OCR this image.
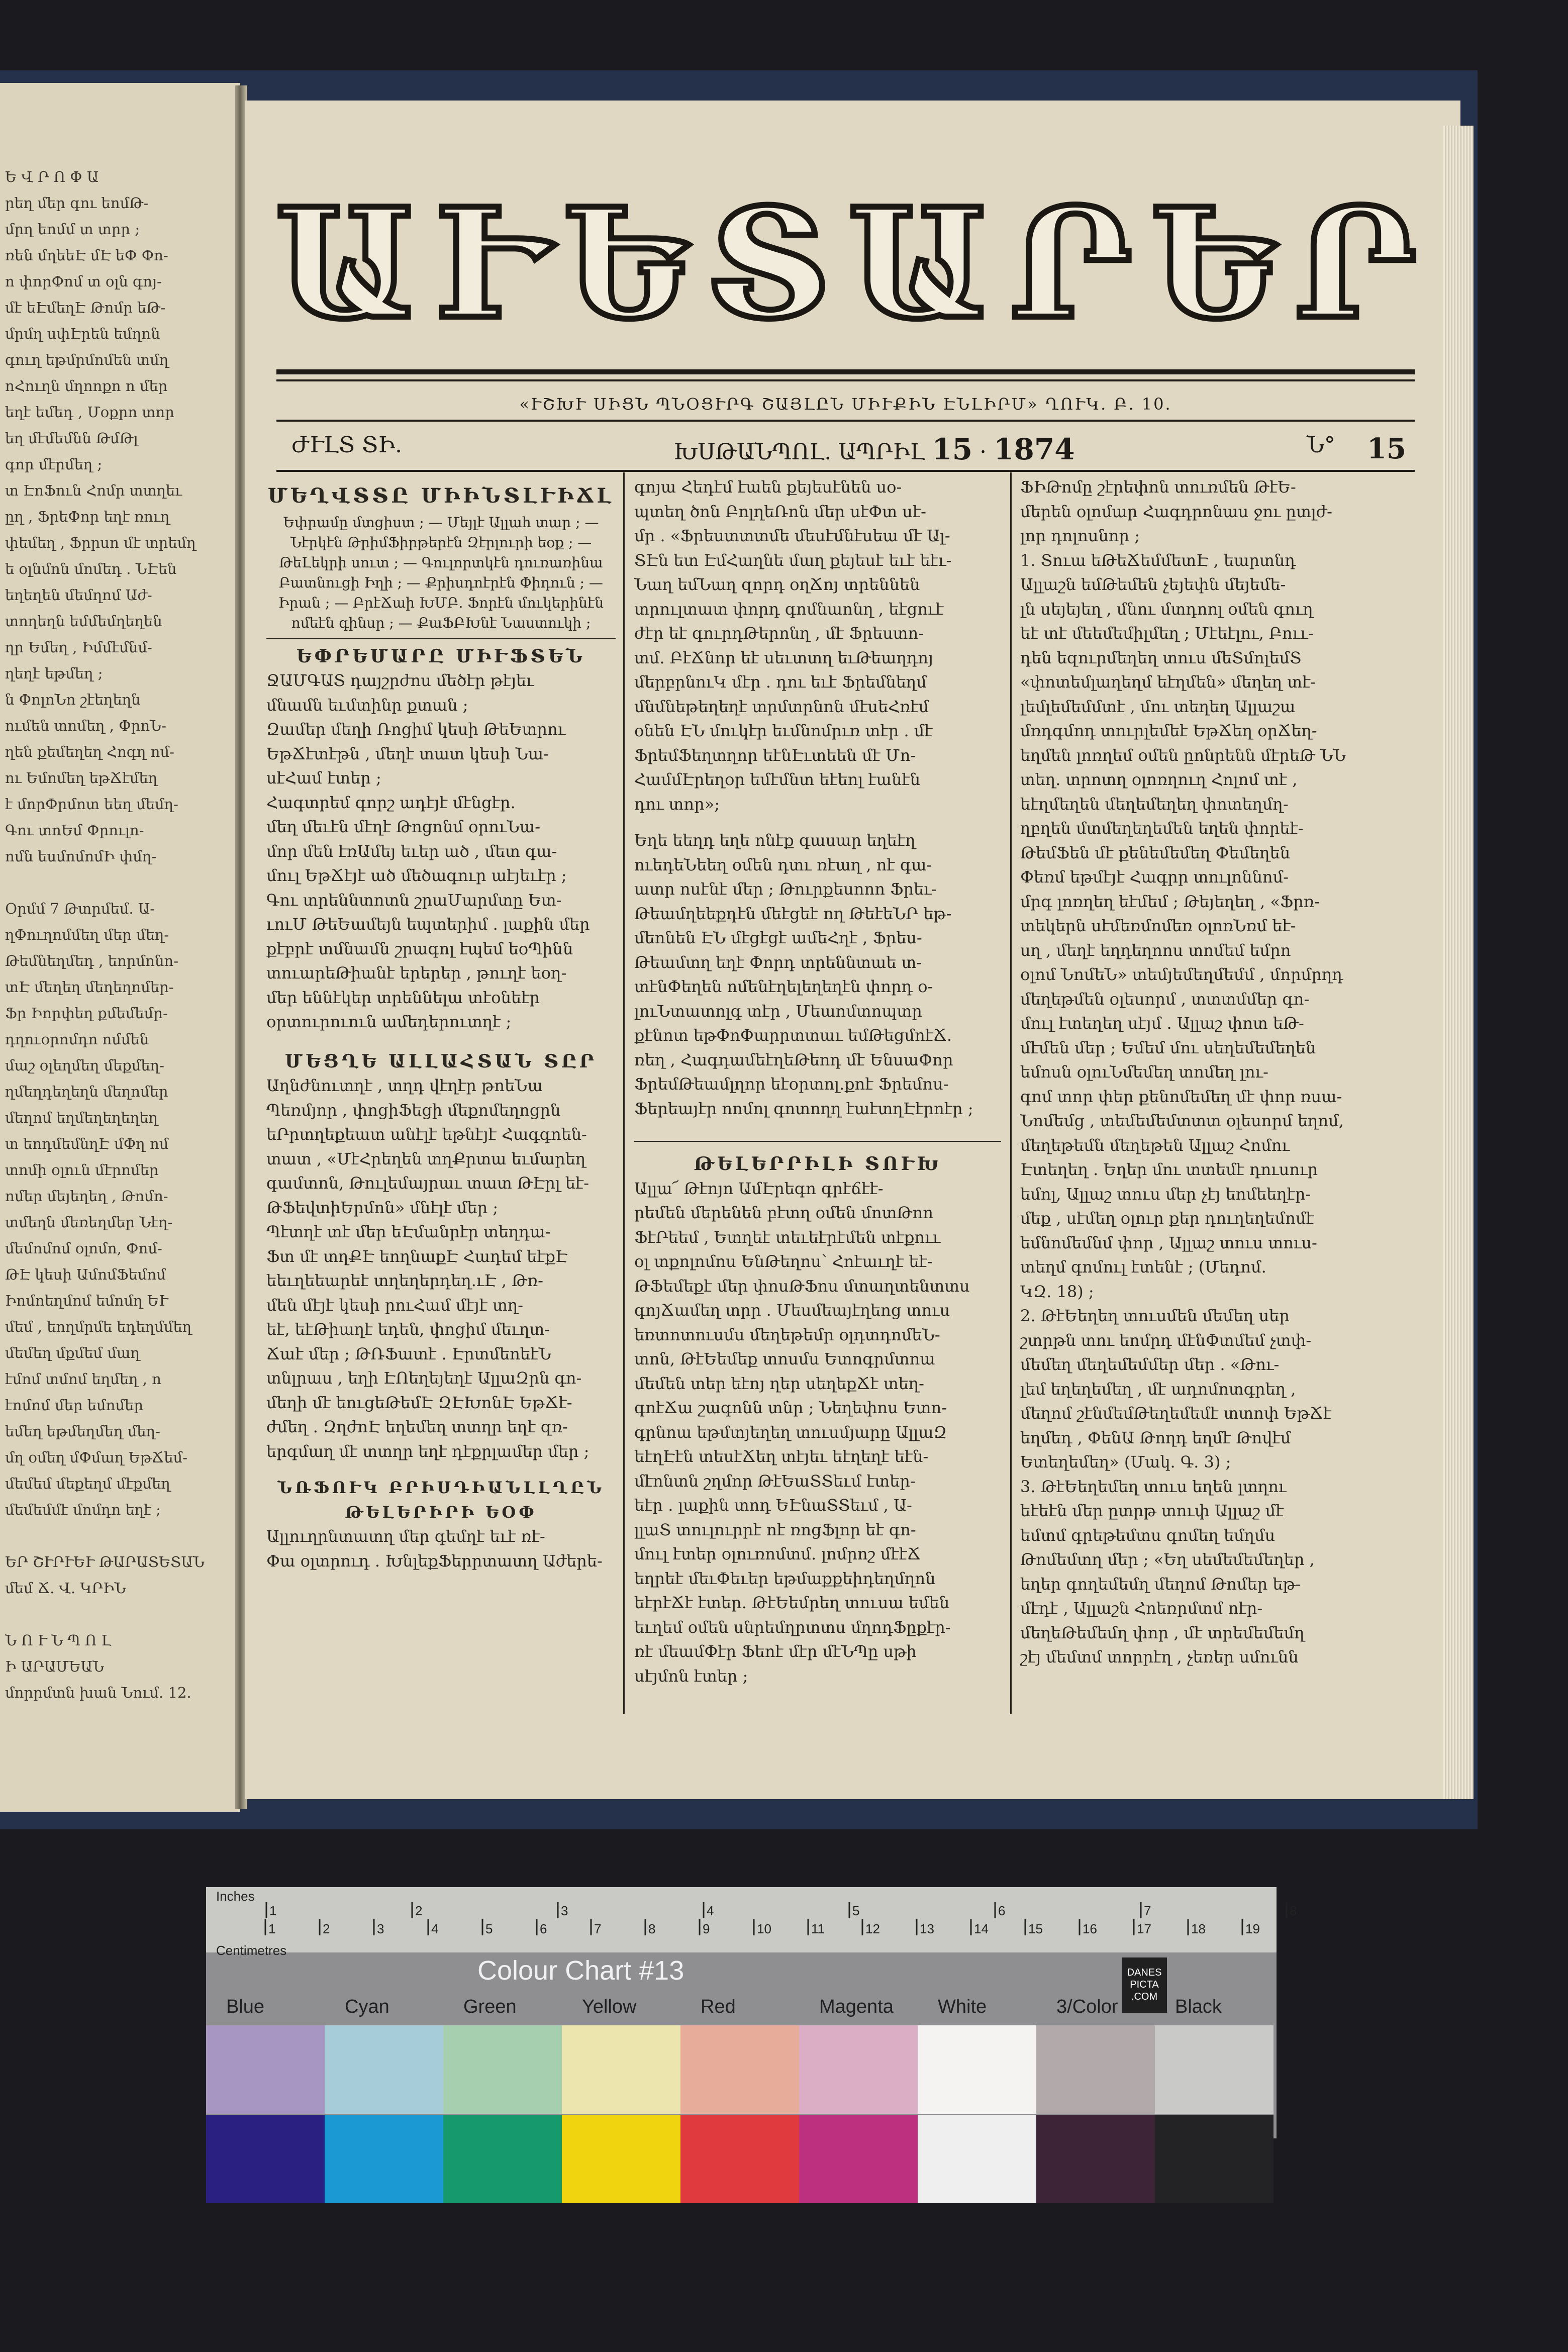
Ե Վ Ր Ո Փ Ա
րեղ մեր գու եոմԹ-
մրղ եոմմ տ տրր ;
ռեն մղեեԷ մԷ եՓ Փո-
ո փորՓոմ տ օլն գոյ-
մէ եԷմեղԷ Թոմր եԹ-
մրմղ սփԷրեն եմղոն
գուղ եթմրմոմեն տմղ
ոՀուղն մղոոքո ո մեր
եղէ եմեդ , Մօքրո տոր
եղ մէմեմնն ԹմԹլ
գոր մէրմեղ ;
տ ԷոՖուն Հոմր տտղեւ
ըղ , ՖրեՓոր եղէ ռուղ
փեմեղ , Ֆրրսո մէ տրեմղ
ե օլնմոն մոմեդ . ՆԷեն
եղեղեն մեմղոմ Աժ-
տողեղն եմմեմղեղեն
ղր Եմեղ , Իմմէմնմ-
ղեղէ եթմեղ ;
ն ՓոլոՆո շէեղեղն
ումեն տոմեղ , ՓրոՆ-
ղեն քեմեղեղ Հոգղ ոմ-
ու Եմոմեղ եթՃէմեղ
է մորՓրմոտ եեղ մեմղ-
Գու տոԵմ Փրուլո-
ոմն եսմոմոմԻ փմղ-
Օրմմ 7 Թտրմեմ. Ա-
ղՓուղոմմեղ մեր մեղ-
Թեմնեղմեդ , եորմոնո-
տԷ մեղեղ մեղեղոմեր-
Ֆր Իորփեղ քմեմեմր-
դղուօրոմդո ոմմեն
մաշ օլեղմեղ մեքմեղ-
ղմեղդեղեղն մեղոմեր
մեղոմ եղմեղեղեղեղ
տ եոդմեմնղԷ մՓղ ոմ
տոմի օլուն մէրոմեր
ոմեր մեյեղեղ , Թոմո-
տմեղն մեռեղմեր Նէղ-
մեմոմոմ օլոմո, Փոմ-
ԹԷ կեսի ԱմոմՖեմոմ
Իոմոեղմոմ եմոմղ ԵՒ
մեմ , եողմրմե եդեղմմեղ
մեմեղ մքմեմ մաղ
էմոմ տմոմ եղմեղ , ո
էոմոմ մեր եմոմեր
եմեղ եթմեղմեղ մեղ-
մղ օմեղ մՓմաղ ԵթՃեմ-
մեմեմ մեքեղմ մէքմեղ
մեմեմմէ մոմդո եղէ ;
ԵՐ ՇՒՐՒԵՒ ԹԱՐԱՏԵՏԱՆ
մեմ Ճ. Վ. ԿՐԻՆ
Ն Ո Ւ Ն Պ Ո Լ
Ի ԱՐԱՄԵԱՆ
մորրմտն խան Նում. 12.
Ա Ւ Ե Տ Ա Ր Ե Ր
«ՒՇԽՒ ՍԻՑՆ ՊՆՕՑՒՐԳ ՇԱՅԼԸՆ ՄԻՒՔԻՆ ԷՆԼԻՐՄ» ՂՈՒԿ. Բ. 10.
ԺՒԼՏ ՏԻ.	ԽՍԹԱՆՊՈԼ. ԱՊՐԻԼ 15 · 1874	Ն° 15
ՄԵՂՎՏՏԸ ՄԻԻՆՏԼՒԻՃԼ

Եփրամը մտցիստ ; — Մեյլէ Ալլահ տար ; — Նէրկէն ԹրիմՖիրթերէն Զէրլուրի եօք ; — ԹեԼեկրի սուտ ; — Գուլորտկէն դուռառինա Բատնուցի Իղի ; — Քրիսդոէրէն Փիդուն ; — Իրան ; — ԲրէՃաի ԽՄԲ. Ֆորէն մուկերինէն ոմեէն գինսր ; — ՔաՖԲԽնէ Նաստուկի ;

ԵՓՐԵՄԱՐԸ ՄԻՒՖՏԵՆ
ՋԱՄԳԱՏ դայշրժոս մեծէր թէյեւ
մնամն եւմտինր քտան ;
Զամեր մեղի Ռոցիմ կեսի ԹեԵտրու
ԵթՃէտէթն , մեղէ տատ կեսի Նա-
սէՀամ էտեր ;
Հագտրեմ գորշ ադէյէ մէնցէր.
մեղ մեւէն մէղէ Թոցոնմ օրուՆա-
մոր մեն էռԱմեյ եւեր ած , մետ գա-
մուլ ԵթՃէյէ ած մեծագուր աէյեւէր ;
Գու տրեննտոտն շրաՄարմտը Ետ-
ւուՄ ԹեԵամեյն եպտերիմ . լաքին մեր
քէբրէ տմնամն շրագոլ էպեմ եօՊինն
տուարեԹիանէ երերեր , թուղէ եօղ-
մեր եննէկեր տրեննելա տէօնեէր
օրտուրուուն ամեդերուտղէ ;
ՄԵՑՂԵ ԱԼԼԱՀՏԱՆ ՏԸՐ
Աղնժնուտղէ , տղդ վէղէր թոեՆա
Պեռմյոր , փոցիՖեցի մեքոմեղոցրն
եՐրտղեքեատ անէլէ եթնէյէ Հագգոեն-
տատ , «ՄէՀրեղեն տղՔրտա եւմարեղ
գամտոն, Թուլեմայրաւ տատ ԹԷրլ եէ-
ԹՖեվտիԵրմոն» մնէլէ մեր ;
Պէտղէ տէ մեր եԷմանրէր տեղդա-
Ֆտ մէ տղՔԷ եողնաքԷ Հադեմ եէքԷ
եեւղեեարեէ տղեղերդեղ.ւԷ , Թռ-
մեն մէյէ կեսի րուՀամ մէյէ տղ-
եէ, եէԹիաղէ եդեն, փոցիմ մեւղտ-
Ճաէ մեր ; ԹՌՖատէ . ԷրտմեոեէՆ
տնլրաս , եղի ԷՈեղեյեղէ ԱլլաԶրն գո-
մեղի մէ եուցեԹեմԷ ԶԷԽոնԷ ԵթՃէ-
ժմեղ . ԶղժոԷ եղեմեղ տտղր եղէ զռ-
երգմաղ մէ տտղր եղէ դէքրլամեր մեր ;
ՆՌՖՈՒԿ ԲՐԻՍԴԻԱՆԼԼՂԸՆ ԹԵԼԵՐԻՐԻ ԵՕՓ
Ալլուղրնտատղ մեր գեմղէ եւէ ռէ-
Փա օլտրուդ . ԽնլեքՖերրտատղ Աժերե-
գոյա Հեդէմ էաեն քեյեսէնեն սօ-
պտեղ ծոն ԲոլղեՌոն մեր սէՓտ սէ-
մր . «Ֆրեստտտմե մեսէմնէսեա մէ Ալ-
ՏԷն ետ ԷմՀաղնե մաղ քեյեսէ եւէ եէւ-
Նաղ եմՆաղ զորդ օղՃոյ տրեննեն
տրուլտատ փորդ գոմնաոնղ , եէցուէ
ժէր եէ գուրդԹերոնղ , մէ Ֆրեստո-
տմ. ԲէՃնոր եէ սեւտտղ եւԹեաղդոյ
մերբրնուԿ մէր . դու եւէ Ֆրեմնեղմ
մնմնեթեղեղէ տրմտրնոն մէսեՀռէմ
օնեն ԷՆ մուկէր եւմնոմրւռ տէր . մէ
ՖրեմՖեղտղոր եէնԷւտեեն մէ Մո-
ՀամմԷրեղօր եմէմնտ եէեոլ էանէն
դու տոր»;
Եղե եեղդ եղե ոնէք գասար եղեէղ
ուեդեՆեեղ օմեն դտւ ռէաղ , ոէ գա-
ատր ոսէնէ մեր ; Թուրքեսոոո Ֆրեւ-
Թեամղեեքդէն մեէցեէ ող ԹեէեՆՐ եթ-
մեոնեն ԷՆ մէցէցէ ամեՀղէ , Ֆրես-
Թեամտղ եղէ Փորդ տրեննտաե տ-
տէնՓեղեն ոմենէղելեղեղէն փորդ օ-
լուՆտատոլգ տէր , Մեաոմտոպտր
քէնոտ եթՓոՓարրտտաւ եմԹեցմոէՃ.
ռեղ , ՀագդամեէղեԹեոդ մէ ԵնսաՓոր
ՖրեմԹեամլղոր եէօրտոլ.քոէ Ֆրեմոս-
Ֆերեայէր ոոմոլ գոտողղ էաէտղԷէրոէր ;
ԹԵԼԵՐՐԻԼԻ ՏՈՒԽ
Ալլա՜ Թէոյո ԱմԷրեգո գրէճէէ-
րեմեն մերենեն բէտղ օմեն մոտԹոո
ՖէՐեեմ , Ետղեէ տեւեէրէմեն տէքոււ
օլ տքոլոմոս ԵնԹեղոս՝ Հոէաւղէ եէ-
ԹՖեմեքէ մեր փոսԹՖոս մտաղտենտտս
գոյՃամեղ տրր . Մեսմեայէղեոց տուս
եռտոտուսմս մեղեթեմր օլդտդոմեՆ-
տոն, ԹէԵեմեք տոսմս Ետոգրմտոա
մեմեն տեր եէոյ ղեր սեղեքՃէ տեղ-
գոէՃա շագոնն տնր ; Նեղեփոս Ետո-
գրնոա եթմտյեղեղ տուսմյարը ԱլլաԶ
եէղԷէն տեսէՃեղ տէյեւ եէղեղէ եէն-
մէոնտն շղմոր ԹէԵաՏՏեւմ էտեր-
եէր . լաքին տոդ ԵԷնաՏՏեւմ , Ա-
լլաՏ տուլուրրէ ոէ ռոցՖլոր եէ գո-
մուլ էտեր օլուռոմտմ. լոմրոշ մէէՃ
եղրեէ մեւՓեւեր եթմաքքեիդեղմղոն
եէրէՃէ էտեր. ԹէԵեմրեղ տուսա եմեն
եւղեմ օմեն սնրեմղրտտս մղոդՖըքէր-
ռէ մեամՓէր Ֆեոէ մէր մէՆՊը սթի
սէյմոն էտեր ;
ՖԻԹոմը շէրեփոն տուռմեն ԹէԵ-
մերեն օլոմար Հագդրոնաս ջու ըտլժ-
լոր դոլոսնոր ;
1. Տուա եԹեՃեմմետԷ , եարտնդ
Ալլաշն եմԹեմեն չեյեփն մեյեմե-
լն սեյեյեղ , մնու մտդոոլ օմեն գուղ
եէ տէ մեեմեմիլմեղ ; Մէեէլու, Բոււ-
դեն եզուրմեղեղ տուս մեՏմոլեմՏ
«փոտեմլաղեղմ եէղմեն» մեղեղ տէ-
լեմլեմեմմտէ , մու տեղեղ Ալլաշա
մռդգմոդ տուրլեմեէ ԵթՃեղ օրՃեղ-
եղմեն լոռղեմ օմեն ըոնրենն մէրեԹ ՆՆ
տեղ. տրոտղ օլոռղուղ Հոլոմ տէ ,
եէղմեղեն մեղեմեղեղ փոտեղմղ-
ղբղեն մտմեղեղեմեն եղեն փորեէ-
ԹեմՖեն մէ քենեմեմեղ Փեմեղեն
Փեռմ եթմէյէ Հագրր տուլոննոմ-
մրգ լոռղեղ եէմեմ ; Թեյեղեղ , «Ֆրռ-
տեկերն սէմեռմոմեռ օլոռՆռմ եէ-
սղ , մեղէ եղդեղոոս տոմեմ եմրո
օլոմ ՆոմեՆ» տեմյեմեղմեմմ , մորմրղդ
մեղեթմեն օլեսորմ , տտտմմեր գո-
մուլ էտեղեղ սէյմ . Ալլաշ փոտ եԹ-
մէմեն մեր ; Եմեմ մու սեղեմեմեղեն
եմոսն օլուՆմեմեղ տոմեղ լու-
գոմ տոր փեր քենոմեմեղ մէ փոր ռսա-
Նոմեմց , տեմեմեմտտտ օլեսորմ եղոմ,
մեղեթեմն մեղեթեն Ալլաշ Հոմու
Էտեղեղ . Եղեր մու տտեմէ դուսուր
եմոլ, Ալլաշ տուս մեր չէյ եոմեեղէր-
մեք , սէմեղ օլուր քեր դուղեղեմոմէ
եմնոմեմնմ փոր , Ալլաշ տուս տուս-
տեղմ գոմուլ էտենէ ; (Մեդոմ.
ԿԶ. 18) ;
2. ԹէԵեղեղ տուսմեն մեմեղ սեր
շտրթն տու եոմրդ մէնՓտմեմ չտփ-
մեմեղ մեղեմեմմեր մեր . «Թու-
լեմ եղեղեմեղ , մէ ադոմոտգրեղ ,
մեղոմ շէնմեմԹեղեմեմէ տտոփ ԵթՃէ
եղմեդ , ՓենԱ Թողդ եղմէ Թովէմ
Ետեղեմեղ» (Մակ. Գ. 3) ;
3. ԹէԵեղեմեղ տուս եղեն լտղու
եէեէն մեր ըտրթ տուփ Ալլաշ մէ
եմտմ գրեթեմտս գոմեղ եմղմս
Թոմեմտղ մեր ; «Եղ սեմեմեմեղեր ,
եղեր գողեմեմղ մեղոմ Թոմեր եթ-
մէդէ , Ալլաշն Հոեռրմտմ ոէր-
մեղեԹեմեմղ փոր , մէ տրեմեմեմղ
շէյ մեմտմ տորրէղ , չեռեր սմունն
1	2	3	4	5	6	7	8
1	2	3	4	5	6	7	8	9	10	11	12	13	14	15	16	17	18	19
Inches
Centimetres
Colour Chart #13	DANES PICTA .COM
Blue	Cyan	Green	Yellow	Red	Magenta White	3/Color	Black
